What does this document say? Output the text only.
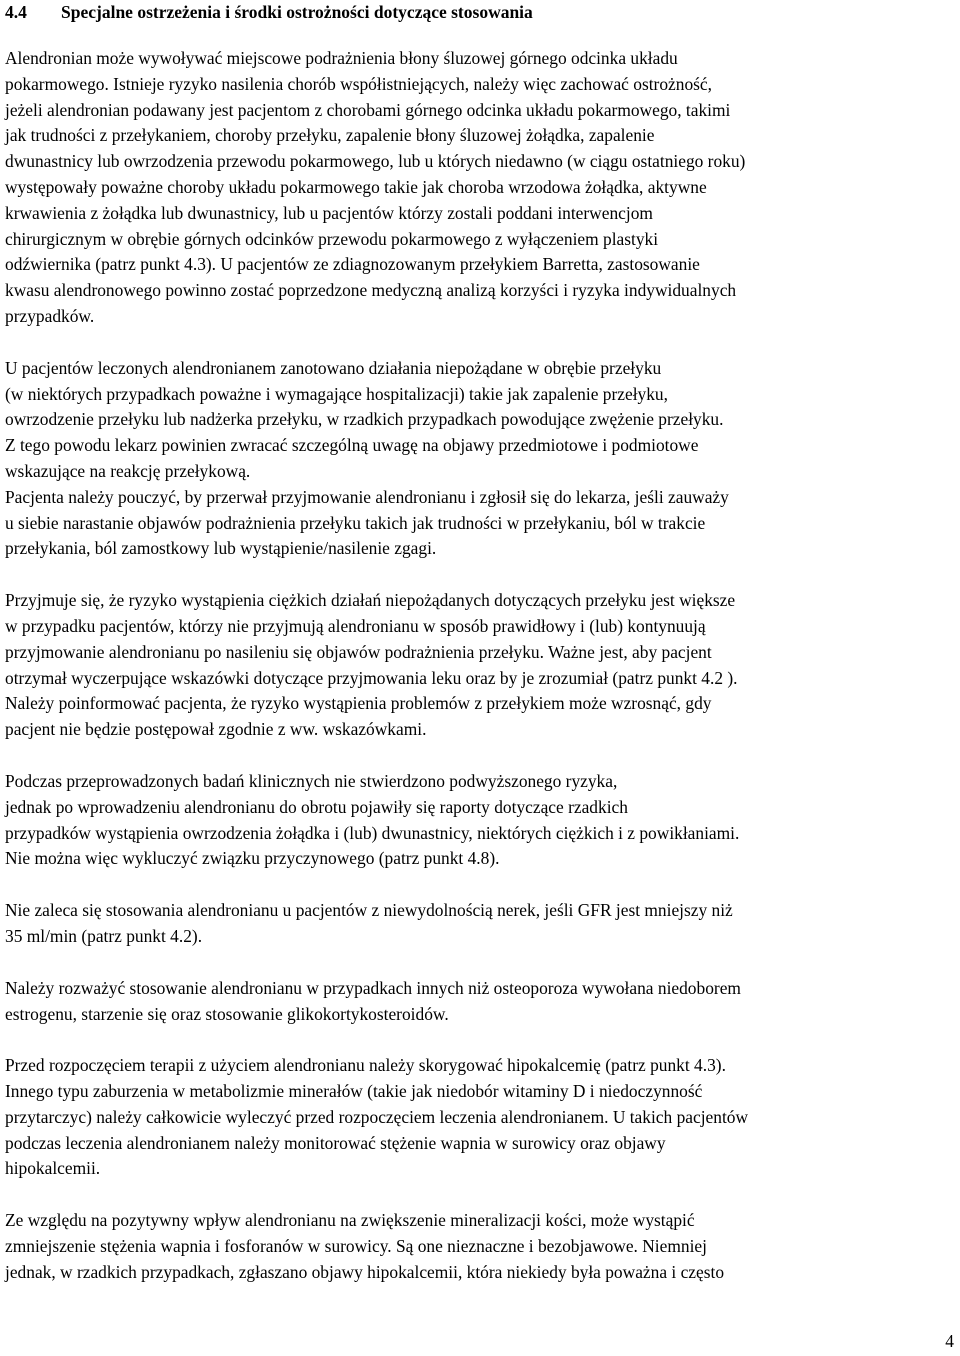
4.4 Specjalne ostrzeżenia i środki ostrożności dotyczące stosowania

Alendronian może wywoływać miejscowe podrażnienia błony śluzowej górnego odcinka układu
pokarmowego. Istnieje ryzyko nasilenia chorób współistniejących, należy więc zachować ostrożność,
jeżeli alendronian podawany jest pacjentom z chorobami górnego odcinka układu pokarmowego, takimi
jak trudności z przełykaniem, choroby przełyku, zapalenie błony śluzowej żołądka, zapalenie
dwunastnicy lub owrzodzenia przewodu pokarmowego, lub u których niedawno (w ciągu ostatniego roku)
występowały poważne choroby układu pokarmowego takie jak choroba wrzodowa żołądka, aktywne
krwawienia z żołądka lub dwunastnicy, lub u pacjentów którzy zostali poddani interwencjom
chirurgicznym w obrębie górnych odcinków przewodu pokarmowego z wyłączeniem plastyki
odźwiernika (patrz punkt 4.3). U pacjentów ze zdiagnozowanym przełykiem Barretta, zastosowanie
kwasu alendronowego powinno zostać poprzedzone medyczną analizą korzyści i ryzyka indywidualnych
przypadków.

U pacjentów leczonych alendronianem zanotowano działania niepożądane w obrębie przełyku
(w niektórych przypadkach poważne i wymagające hospitalizacji) takie jak zapalenie przełyku,
owrzodzenie przełyku lub nadżerka przełyku, w rzadkich przypadkach powodujące zwężenie przełyku.
Z tego powodu lekarz powinien zwracać szczególną uwagę na objawy przedmiotowe i podmiotowe
wskazujące na reakcję przełykową.

Pacjenta należy pouczyć, by przerwał przyjmowanie alendronianu i zgłosił się do lekarza, jeśli zauważy
u siebie narastanie objawów podrażnienia przełyku takich jak trudności w przełykaniu, ból w trakcie
przełykania, ból zamostkowy lub wystąpienie/nasilenie zgagi.

Przyjmuje się, że ryzyko wystąpienia ciężkich działań niepożądanych dotyczących przełyku jest większe
w przypadku pacjentów, którzy nie przyjmują alendronianu w sposób prawidłowy i (lub) kontynuują
przyjmowanie alendronianu po nasileniu się objawów podrażnienia przełyku. Ważne jest, aby pacjent
otrzymał wyczerpujące wskazówki dotyczące przyjmowania leku oraz by je zrozumiał (patrz punkt 4.2 ).
Należy poinformować pacjenta, że ryzyko wystąpienia problemów z przełykiem może wzrosnąć, gdy
pacjent nie będzie postępował zgodnie z ww. wskazówkami.

Podczas przeprowadzonych badań klinicznych nie stwierdzono podwyższonego ryzyka,
jednak po wprowadzeniu alendronianu do obrotu pojawiły się raporty dotyczące rzadkich
przypadków wystąpienia owrzodzenia żołądka i (lub) dwunastnicy, niektórych ciężkich i z powikłaniami.
Nie można więc wykluczyć związku przyczynowego (patrz punkt 4.8).

Nie zaleca się stosowania alendronianu u pacjentów z niewydolnością nerek, jeśli GFR jest mniejszy niż
35 ml/min (patrz punkt 4.2).

Należy rozważyć stosowanie alendronianu w przypadkach innych niż osteoporoza wywołana niedoborem
estrogenu, starzenie się oraz stosowanie glikokortykosteroidów.

Przed rozpoczęciem terapii z użyciem alendronianu należy skorygować hipokalcemię (patrz punkt 4.3).
Innego typu zaburzenia w metabolizmie minerałów (takie jak niedobór witaminy D i niedoczynność
przytarczyc) należy całkowicie wyleczyć przed rozpoczęciem leczenia alendronianem. U takich pacjentów
podczas leczenia alendronianem należy monitorować stężenie wapnia w surowicy oraz objawy
hipokalcemii.

Ze względu na pozytywny wpływ alendronianu na zwiększenie mineralizacji kości, może wystąpić
zmniejszenie stężenia wapnia i fosforanów w surowicy. Są one nieznaczne i bezobjawowe. Niemniej
jednak, w rzadkich przypadkach, zgłaszano objawy hipokalcemii, która niekiedy była poważna i często

4
